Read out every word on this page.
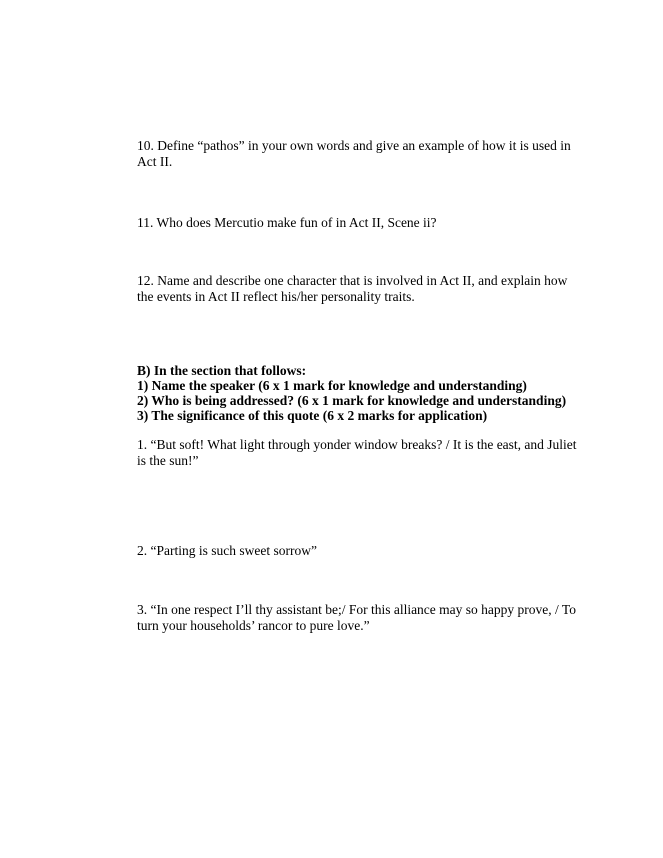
10. Define “pathos” in your own words and give an example of how it is used in
Act II.
11. Who does Mercutio make fun of in Act II, Scene ii?
12. Name and describe one character that is involved in Act II, and explain how
the events in Act II reflect his/her personality traits.
B) In the section that follows:
1) Name the speaker (6 x 1 mark for knowledge and understanding)
2) Who is being addressed? (6 x 1 mark for knowledge and understanding)
3) The significance of this quote (6 x 2 marks for application)
1. “But soft! What light through yonder window breaks? / It is the east, and Juliet
is the sun!”
2. “Parting is such sweet sorrow”
3. “In one respect I’ll thy assistant be;/ For this alliance may so happy prove, / To
turn your households’ rancor to pure love.”
